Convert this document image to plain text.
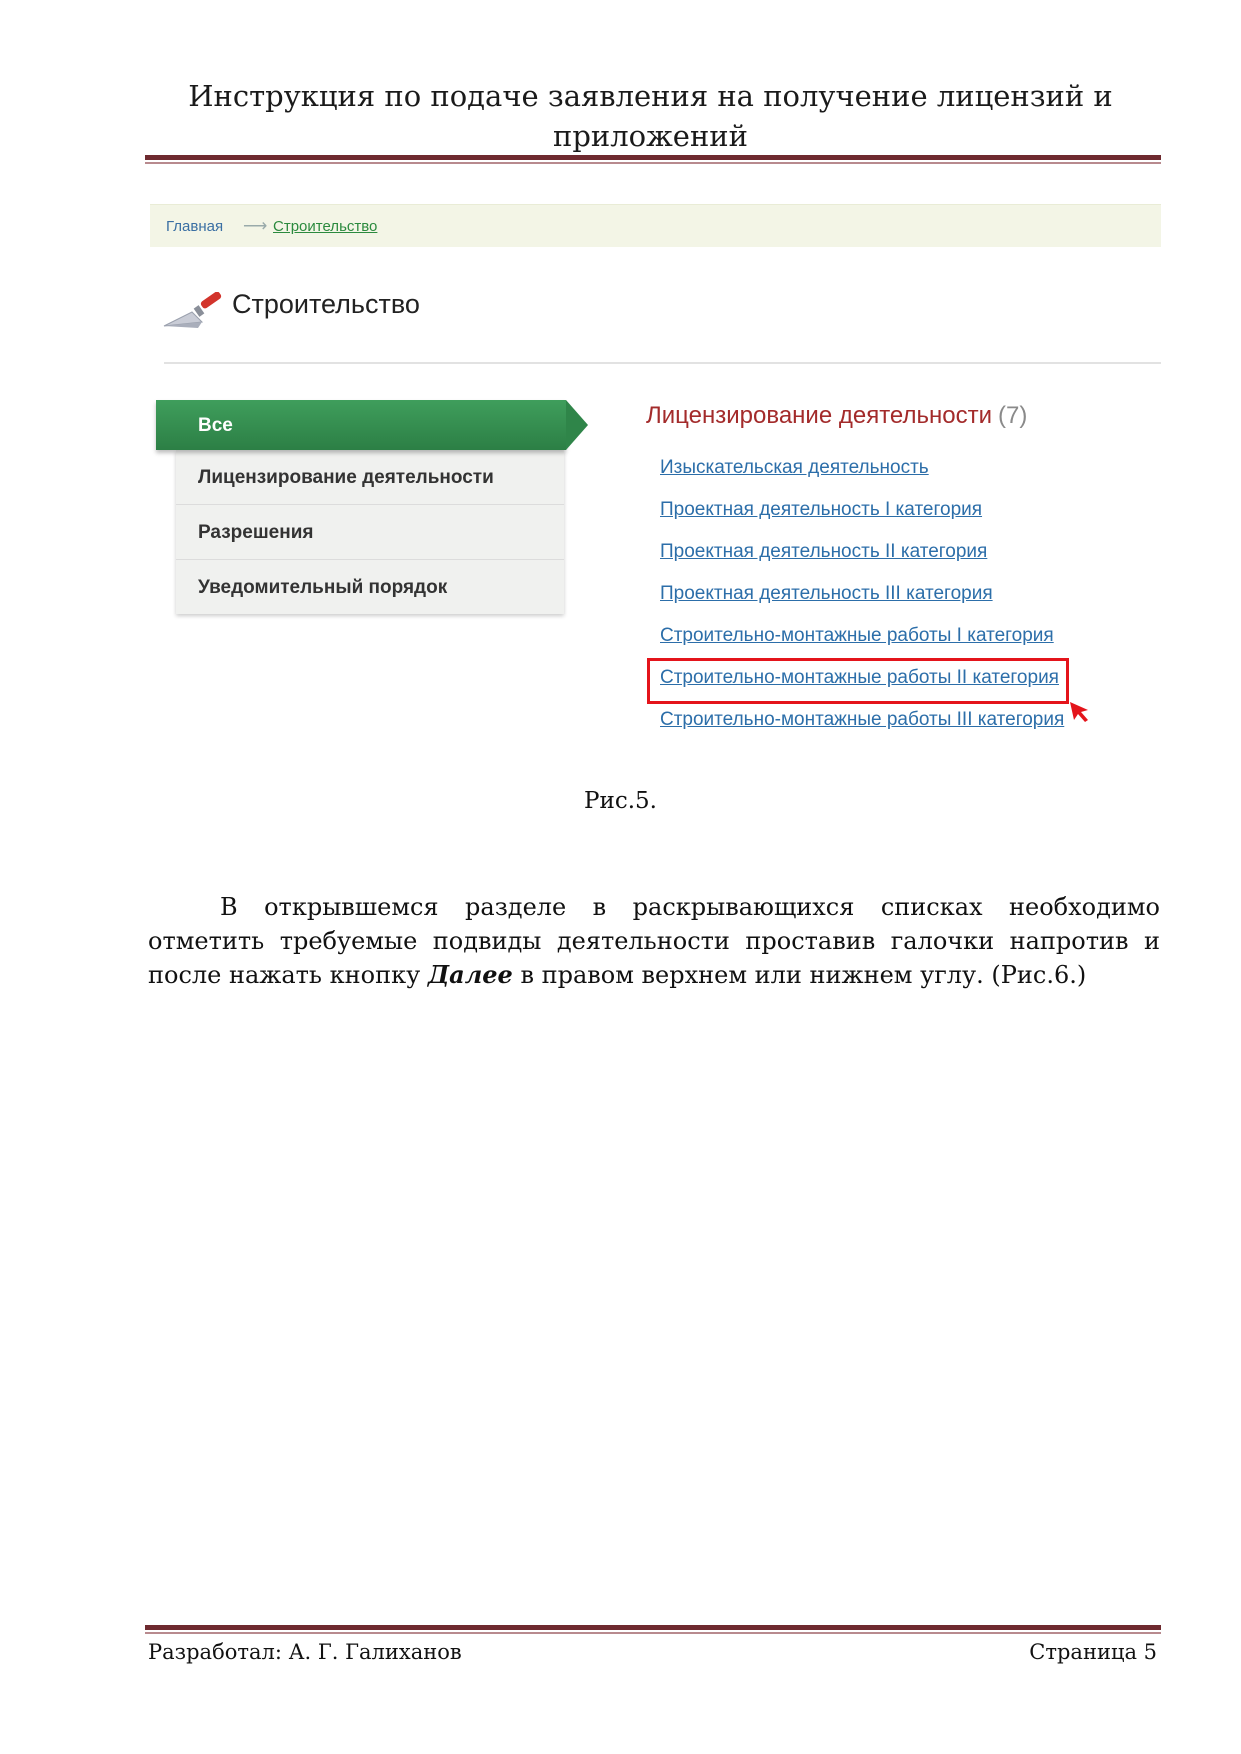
Инструкция по подаче заявления на получение лицензий и приложений
Главная ⟶ Строительство
Строительство
Все
Лицензирование деятельности
Разрешения
Уведомительный порядок
Лицензирование деятельности (7)
Изыскательская деятельность
Проектная деятельность I категория
Проектная деятельность II категория
Проектная деятельность III категория
Строительно-монтажные работы I категория
Строительно-монтажные работы II категория
Строительно-монтажные работы III категория
Рис.5.

В открывшемся разделе в раскрывающихся списках необходимо отметить требуемые подвиды деятельности проставив галочки напротив и после нажать кнопку Далее в правом верхнем или нижнем углу. (Рис.6.)

Разработал: А. Г. Галиханов	Страница 5
